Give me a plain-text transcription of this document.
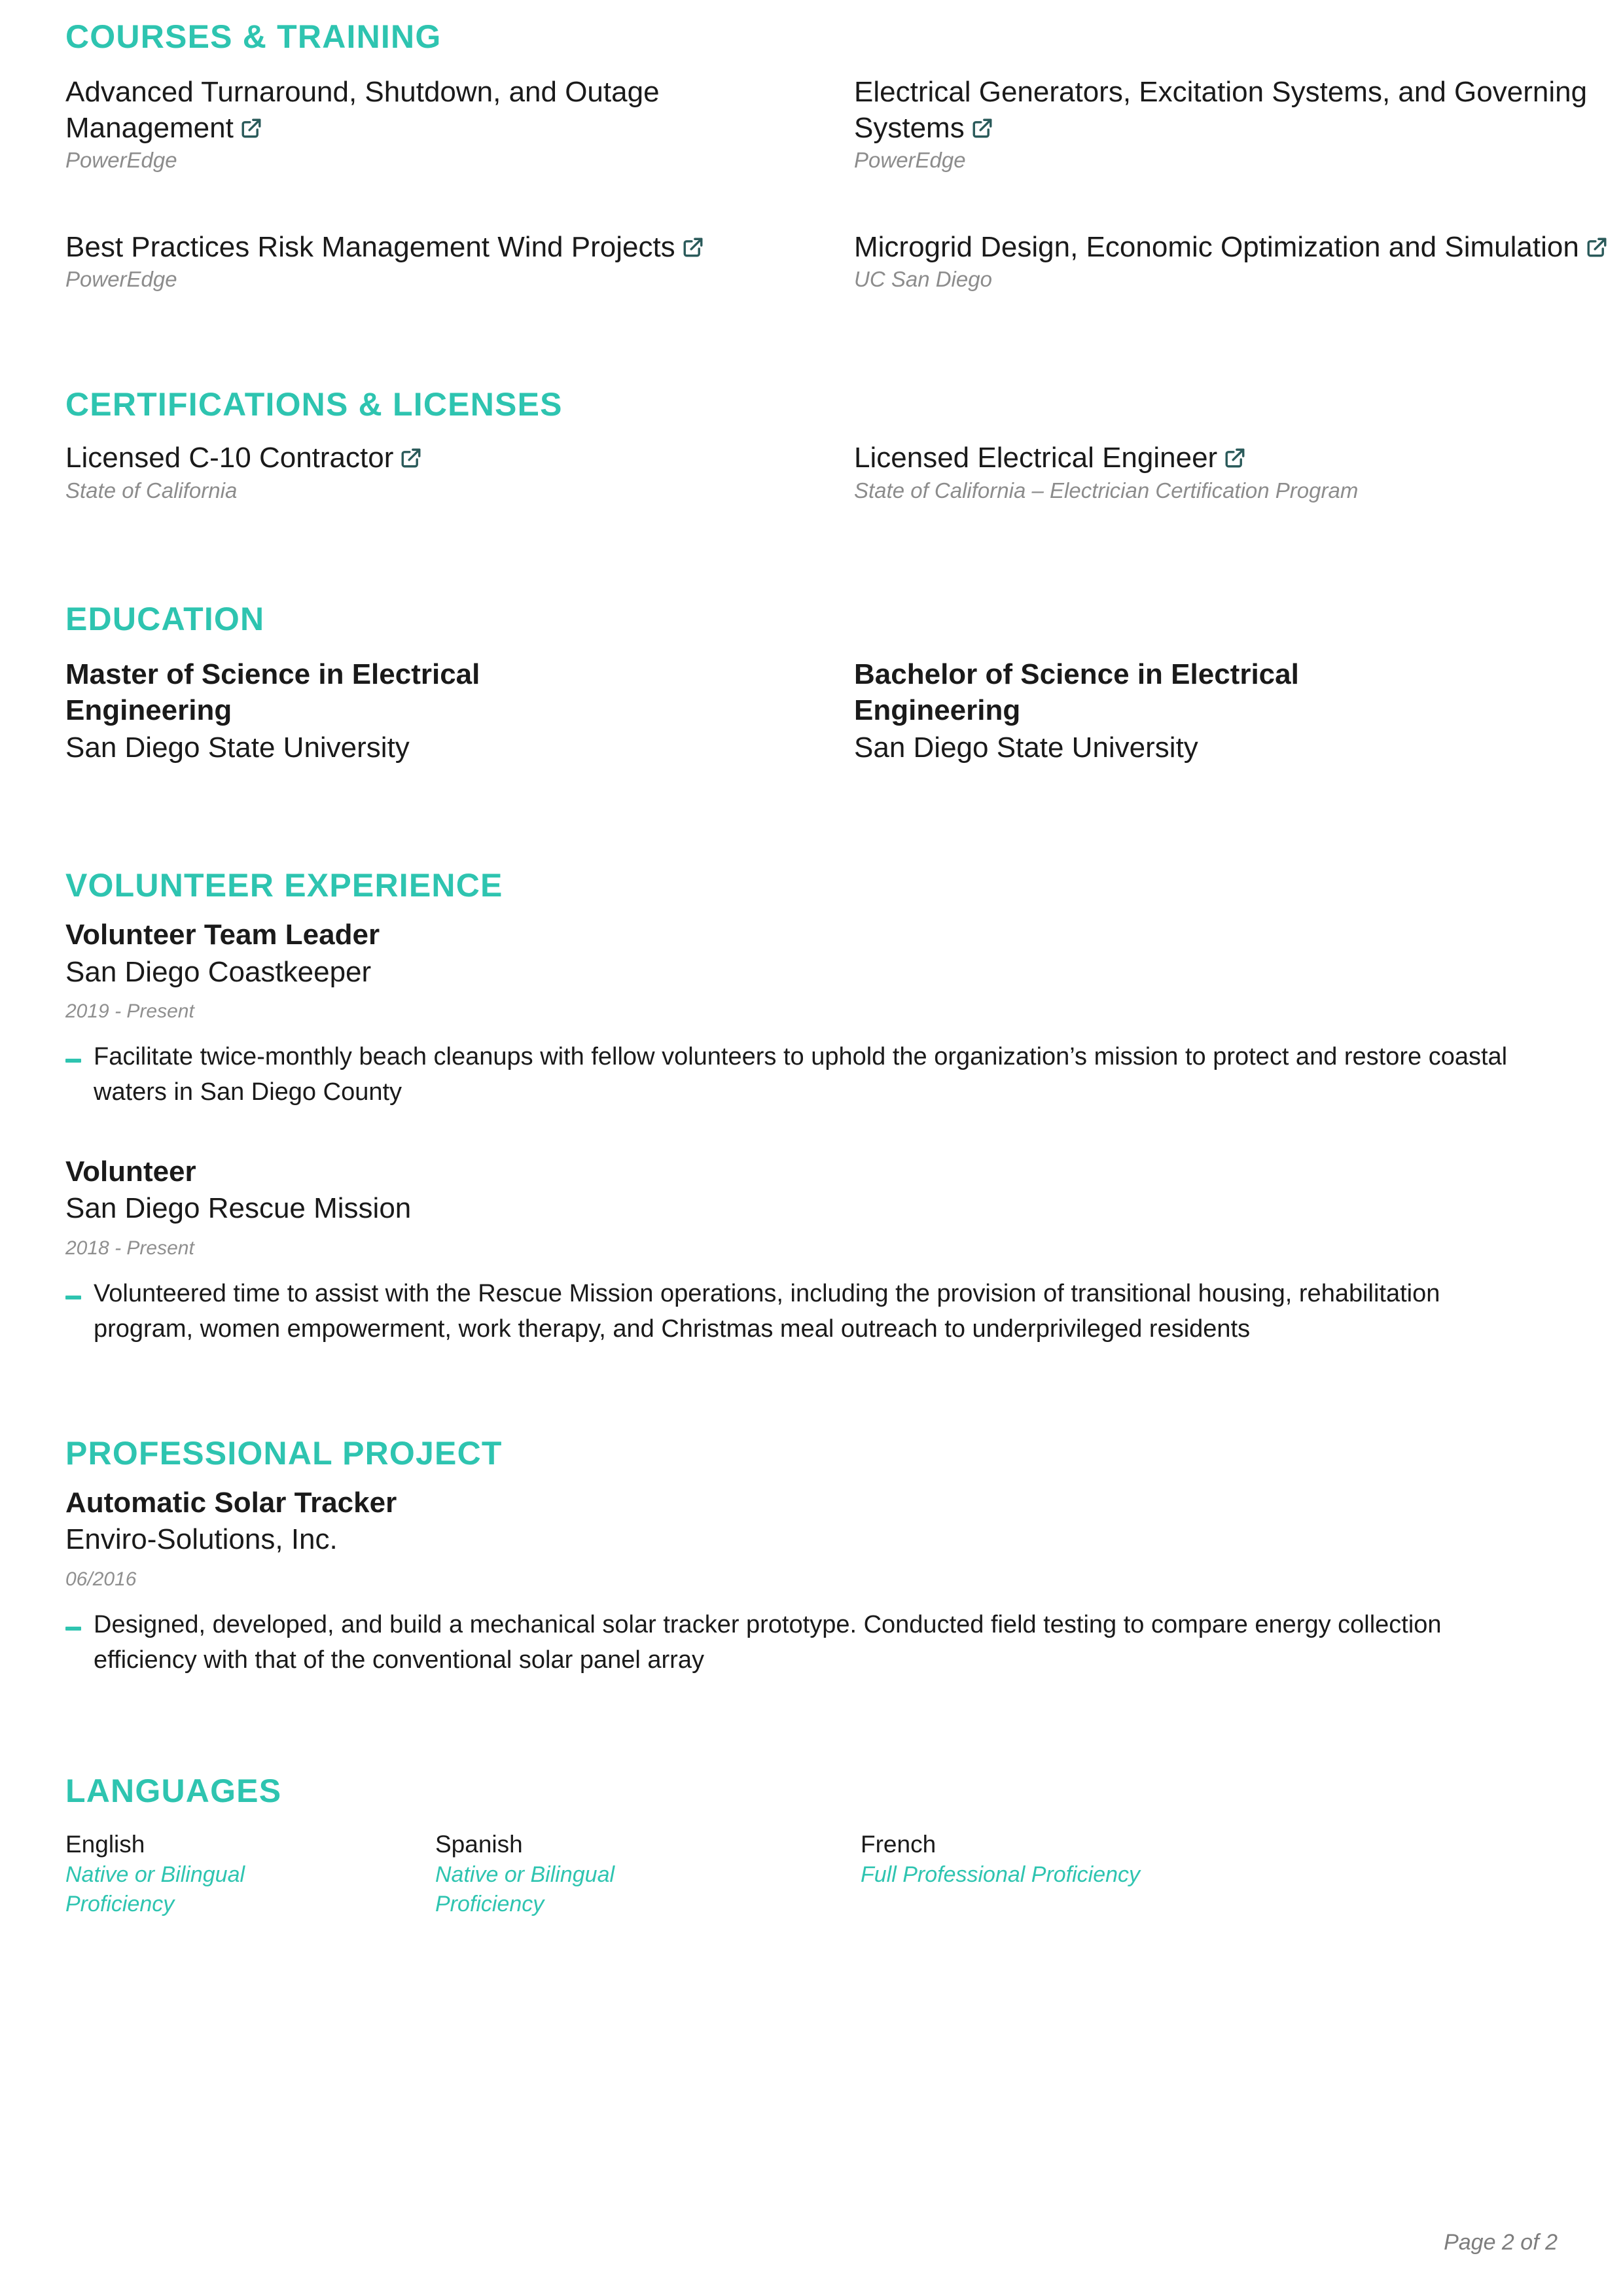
COURSES & TRAINING
Advanced Turnaround, Shutdown, and Outage Management
PowerEdge
Electrical Generators, Excitation Systems, and Governing Systems
PowerEdge
Best Practices Risk Management Wind Projects
PowerEdge
Microgrid Design, Economic Optimization and Simulation
UC San Diego
CERTIFICATIONS & LICENSES
Licensed C-10 Contractor
State of California
Licensed Electrical Engineer
State of California – Electrician Certification Program
EDUCATION
Master of Science in Electrical Engineering
San Diego State University
Bachelor of Science in Electrical Engineering
San Diego State University
VOLUNTEER EXPERIENCE
Volunteer Team Leader
San Diego Coastkeeper
2019 - Present
Facilitate twice-monthly beach cleanups with fellow volunteers to uphold the organization’s mission to protect and restore coastal waters in San Diego County
Volunteer
San Diego Rescue Mission
2018 - Present
Volunteered time to assist with the Rescue Mission operations, including the provision of transitional housing, rehabilitation program, women empowerment, work therapy, and Christmas meal outreach to underprivileged residents
PROFESSIONAL PROJECT
Automatic Solar Tracker
Enviro-Solutions, Inc.
06/2016
Designed, developed, and build a mechanical solar tracker prototype. Conducted field testing to compare energy collection efficiency with that of the conventional solar panel array
LANGUAGES
English
Native or Bilingual Proficiency
Spanish
Native or Bilingual Proficiency
French
Full Professional Proficiency
Page 2 of 2
